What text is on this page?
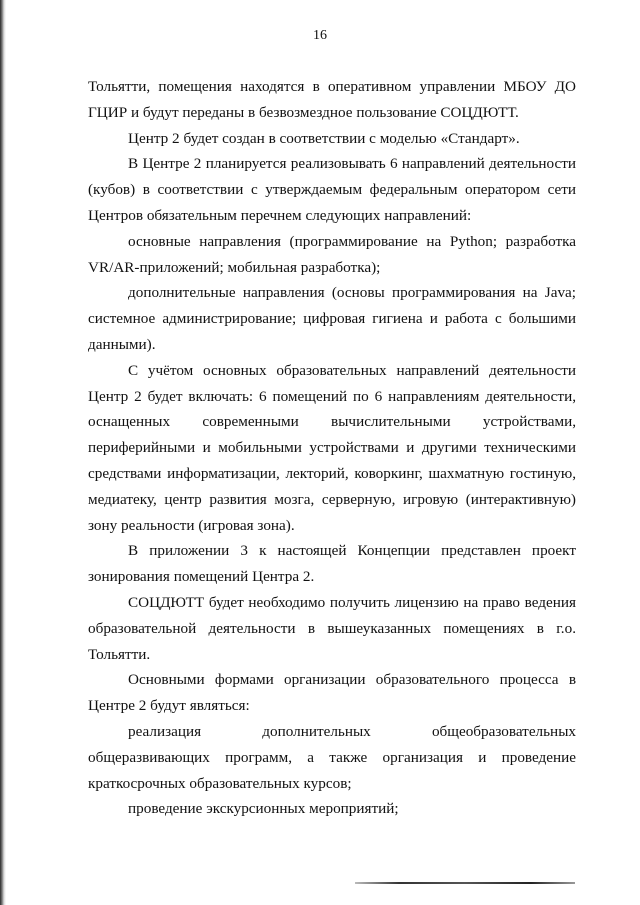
16

Тольятти, помещения находятся в оперативном управлении МБОУ ДО ГЦИР и будут переданы в безвозмездное пользование СОЦДЮТТ.

Центр 2 будет создан в соответствии с моделью «Стандарт».

В Центре 2 планируется реализовывать 6 направлений деятельности (кубов) в соответствии с утверждаемым федеральным оператором сети Центров обязательным перечнем следующих направлений:

основные направления (программирование на Python; разработка VR/AR-приложений; мобильная разработка);

дополнительные направления (основы программирования на Java; системное администрирование; цифровая гигиена и работа с большими данными).

С учётом основных образовательных направлений деятельности Центр 2 будет включать: 6 помещений по 6 направлениям деятельности, оснащенных современными вычислительными устройствами, периферийными и мобильными устройствами и другими техническими средствами информатизации, лекторий, коворкинг, шахматную гостиную, медиатеку, центр развития мозга, серверную, игровую (интерактивную) зону реальности (игровая зона).

В приложении 3 к настоящей Концепции представлен проект зонирования помещений Центра 2.

СОЦДЮТТ будет необходимо получить лицензию на право ведения образовательной деятельности в вышеуказанных помещениях в г.о. Тольятти.

Основными формами организации образовательного процесса в Центре 2 будут являться:

реализация дополнительных общеобразовательных общеразвивающих программ, а также организация и проведение краткосрочных образовательных курсов;

проведение экскурсионных мероприятий;
